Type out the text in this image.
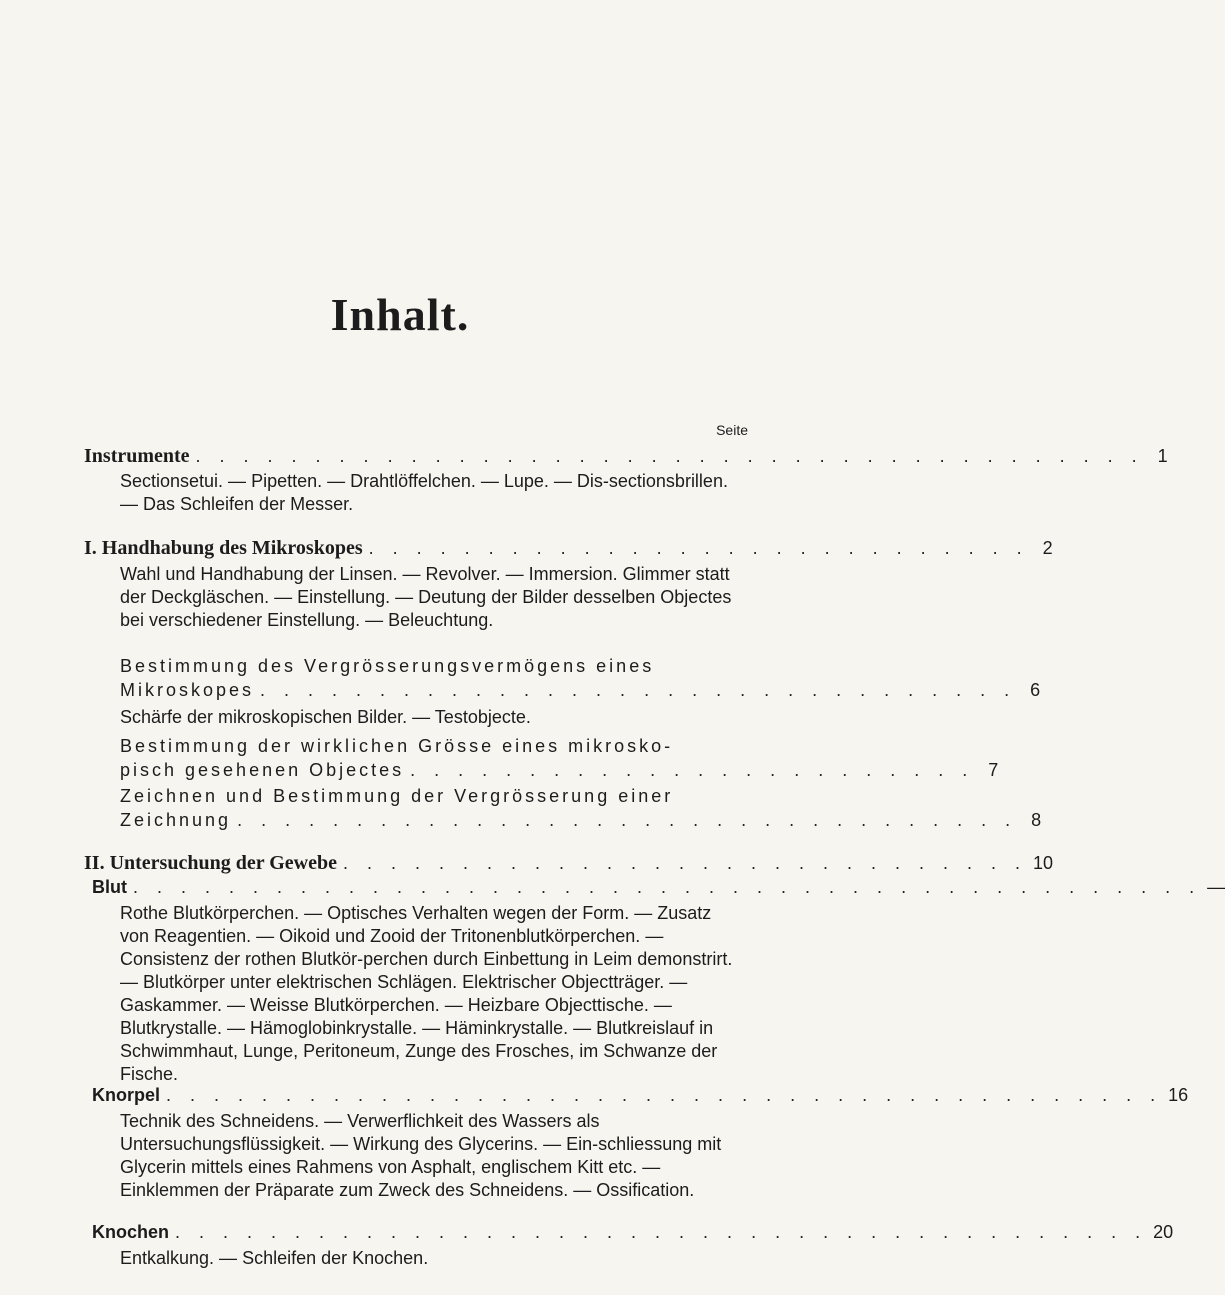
Inhalt.
Seite
Instrumente . . . . . . . . . . . . . . . . . . . . . . . . . . . . . . . . . . . . . . . . 1
Sectionsetui. — Pipetten. — Drahtlöffelchen. — Lupe. — Dis-sectionsbrillen. — Das Schleifen der Messer.
I. Handhabung des Mikroskopes . . . . . . . . . . . . . . . . . . . . . . . . . . . . 2
Wahl und Handhabung der Linsen. — Revolver. — Immersion. Glimmer statt der Deckgläschen. — Einstellung. — Deutung der Bilder desselben Objectes bei verschiedener Einstellung. — Beleuchtung.
Bestimmung des Vergrösserungsvermögens eines
Mikroskopes . . . . . . . . . . . . . . . . . . . . . . . . . . . . . . . . 6
Schärfe der mikroskopischen Bilder. — Testobjecte.
Bestimmung der wirklichen Grösse eines mikrosko-
pisch gesehenen Objectes . . . . . . . . . . . . . . . . . . . . . . . . 7
Zeichnen und Bestimmung der Vergrösserung einer
Zeichnung . . . . . . . . . . . . . . . . . . . . . . . . . . . . . . . . . 8
II. Untersuchung der Gewebe . . . . . . . . . . . . . . . . . . . . . . . . . . . . . 10
Blut . . . . . . . . . . . . . . . . . . . . . . . . . . . . . . . . . . . . . . . . . . . . . —
Rothe Blutkörperchen. — Optisches Verhalten wegen der Form. — Zusatz von Reagentien. — Oikoid und Zooid der Tritonenblutkörperchen. — Consistenz der rothen Blutkör-perchen durch Einbettung in Leim demonstrirt. — Blutkörper unter elektrischen Schlägen. Elektrischer Objectträger. — Gaskammer. — Weisse Blutkörperchen. — Heizbare Objecttische. — Blutkrystalle. — Hämoglobinkrystalle. — Häminkrystalle. — Blutkreislauf in Schwimmhaut, Lunge, Peritoneum, Zunge des Frosches, im Schwanze der Fische.
Knorpel . . . . . . . . . . . . . . . . . . . . . . . . . . . . . . . . . . . . . . . . . . 16
Technik des Schneidens. — Verwerflichkeit des Wassers als Untersuchungsflüssigkeit. — Wirkung des Glycerins. — Ein-schliessung mit Glycerin mittels eines Rahmens von Asphalt, englischem Kitt etc. — Einklemmen der Präparate zum Zweck des Schneidens. — Ossification.
Knochen . . . . . . . . . . . . . . . . . . . . . . . . . . . . . . . . . . . . . . . . . 20
Entkalkung. — Schleifen der Knochen.
